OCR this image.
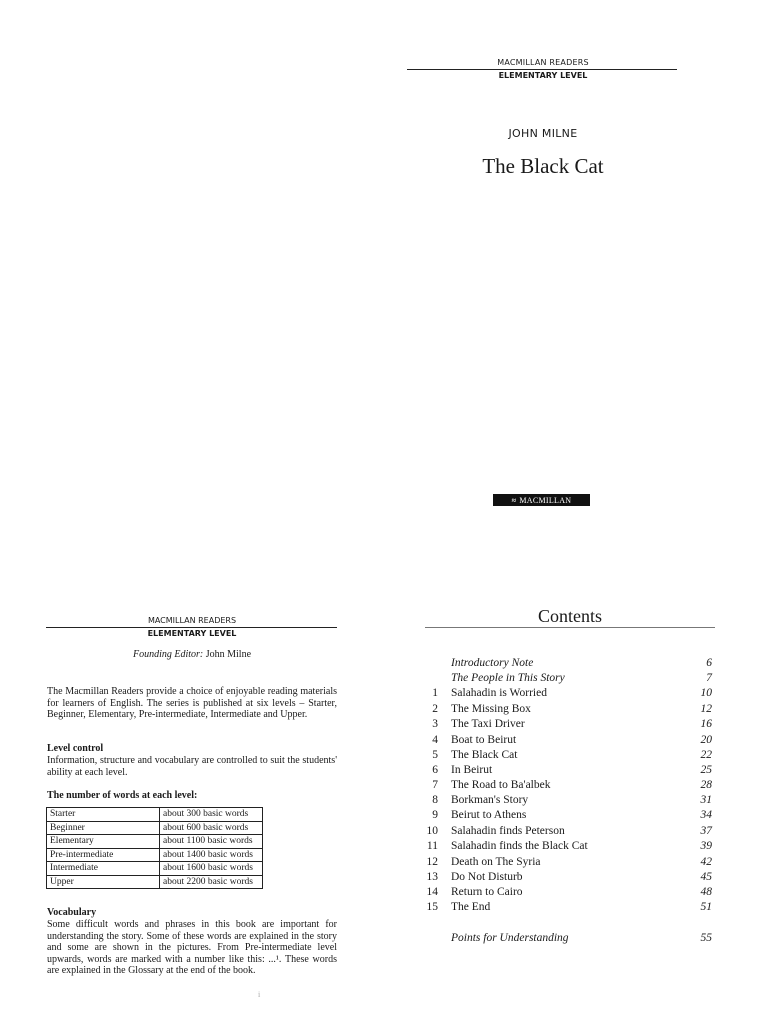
MACMILLAN READERS
ELEMENTARY LEVEL
JOHN MILNE
The Black Cat
≈ MACMILLAN
MACMILLAN READERS
ELEMENTARY LEVEL
Founding Editor: John Milne
The Macmillan Readers provide a choice of enjoyable reading materials for learners of English. The series is published at six levels – Starter, Beginner, Elementary, Pre-intermediate, Intermediate and Upper.
Level control
Information, structure and vocabulary are controlled to suit the students' ability at each level.
The number of words at each level:
Starter	about 300 basic words
Beginner	about 600 basic words
Elementary	about 1100 basic words
Pre-intermediate	about 1400 basic words
Intermediate	about 1600 basic words
Upper	about 2200 basic words
Vocabulary
Some difficult words and phrases in this book are important for understanding the story. Some of these words are explained in the story and some are shown in the pictures. From Pre-intermediate level upwards, words are marked with a number like this: ...¹. These words are explained in the Glossary at the end of the book.
i
Contents
Introductory Note	6
The People in This Story	7
1 Salahadin is Worried	10
2 The Missing Box	12
3 The Taxi Driver	16
4 Boat to Beirut	20
5 The Black Cat	22
6 In Beirut	25
7 The Road to Ba'albek	28
8 Borkman's Story	31
9 Beirut to Athens	34
10 Salahadin finds Peterson	37
11 Salahadin finds the Black Cat	39
12 Death on The Syria	42
13 Do Not Disturb	45
14 Return to Cairo	48
15 The End	51
Points for Understanding	55
